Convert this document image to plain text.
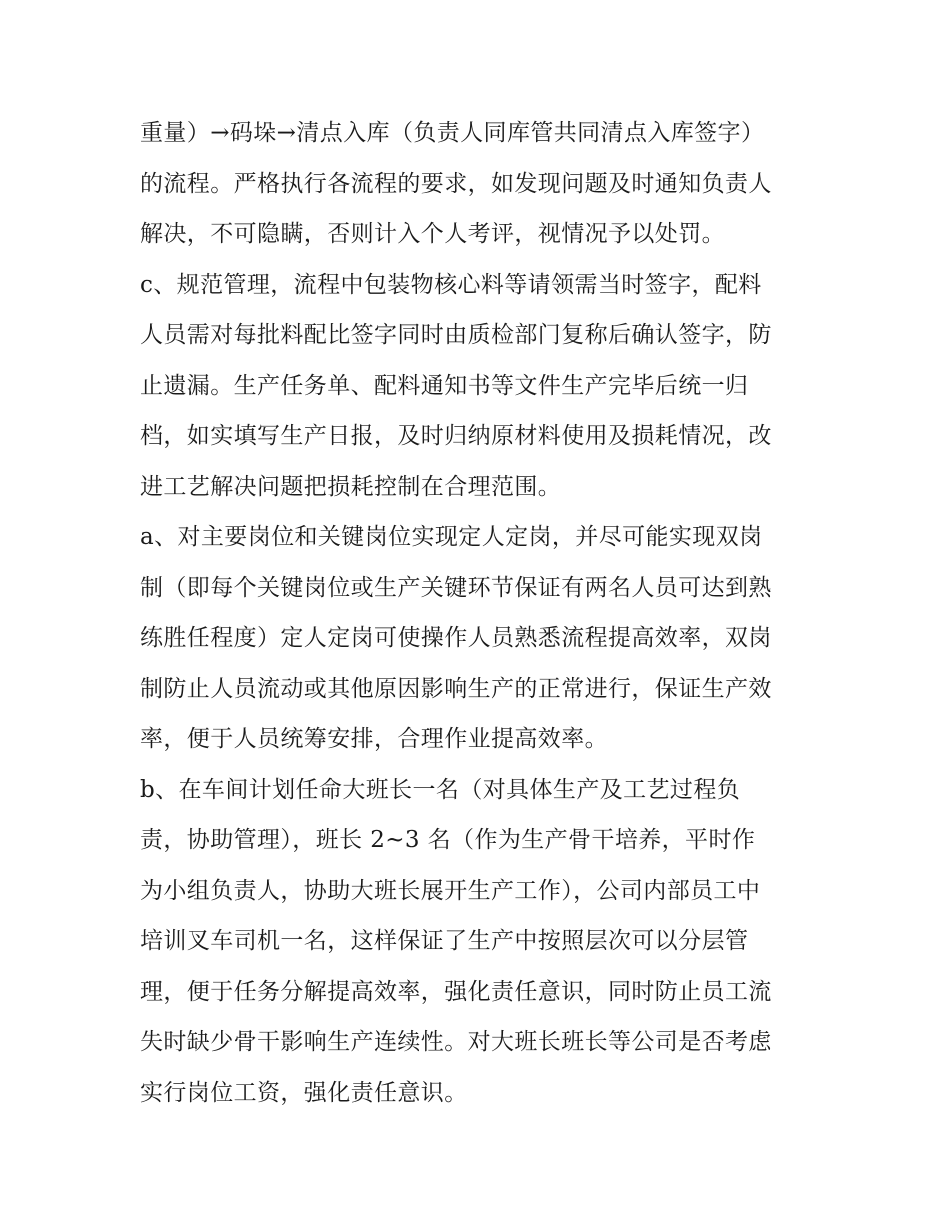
重量）→码垛→清点入库（负责人同库管共同清点入库签字）
的流程。严格执行各流程的要求，如发现问题及时通知负责人
解决，不可隐瞒，否则计入个人考评，视情况予以处罚。
c、规范管理，流程中包装物核心料等请领需当时签字，配料
人员需对每批料配比签字同时由质检部门复称后确认签字，防
止遗漏。生产任务单、配料通知书等文件生产完毕后统一归
档，如实填写生产日报，及时归纳原材料使用及损耗情况，改
进工艺解决问题把损耗控制在合理范围。
a、对主要岗位和关键岗位实现定人定岗，并尽可能实现双岗
制（即每个关键岗位或生产关键环节保证有两名人员可达到熟
练胜任程度）定人定岗可使操作人员熟悉流程提高效率，双岗
制防止人员流动或其他原因影响生产的正常进行，保证生产效
率，便于人员统筹安排，合理作业提高效率。
b、在车间计划任命大班长一名（对具体生产及工艺过程负
责，协助管理），班长 2~3 名（作为生产骨干培养，平时作
为小组负责人，协助大班长展开生产工作），公司内部员工中
培训叉车司机一名，这样保证了生产中按照层次可以分层管
理，便于任务分解提高效率，强化责任意识，同时防止员工流
失时缺少骨干影响生产连续性。对大班长班长等公司是否考虑
实行岗位工资，强化责任意识。
